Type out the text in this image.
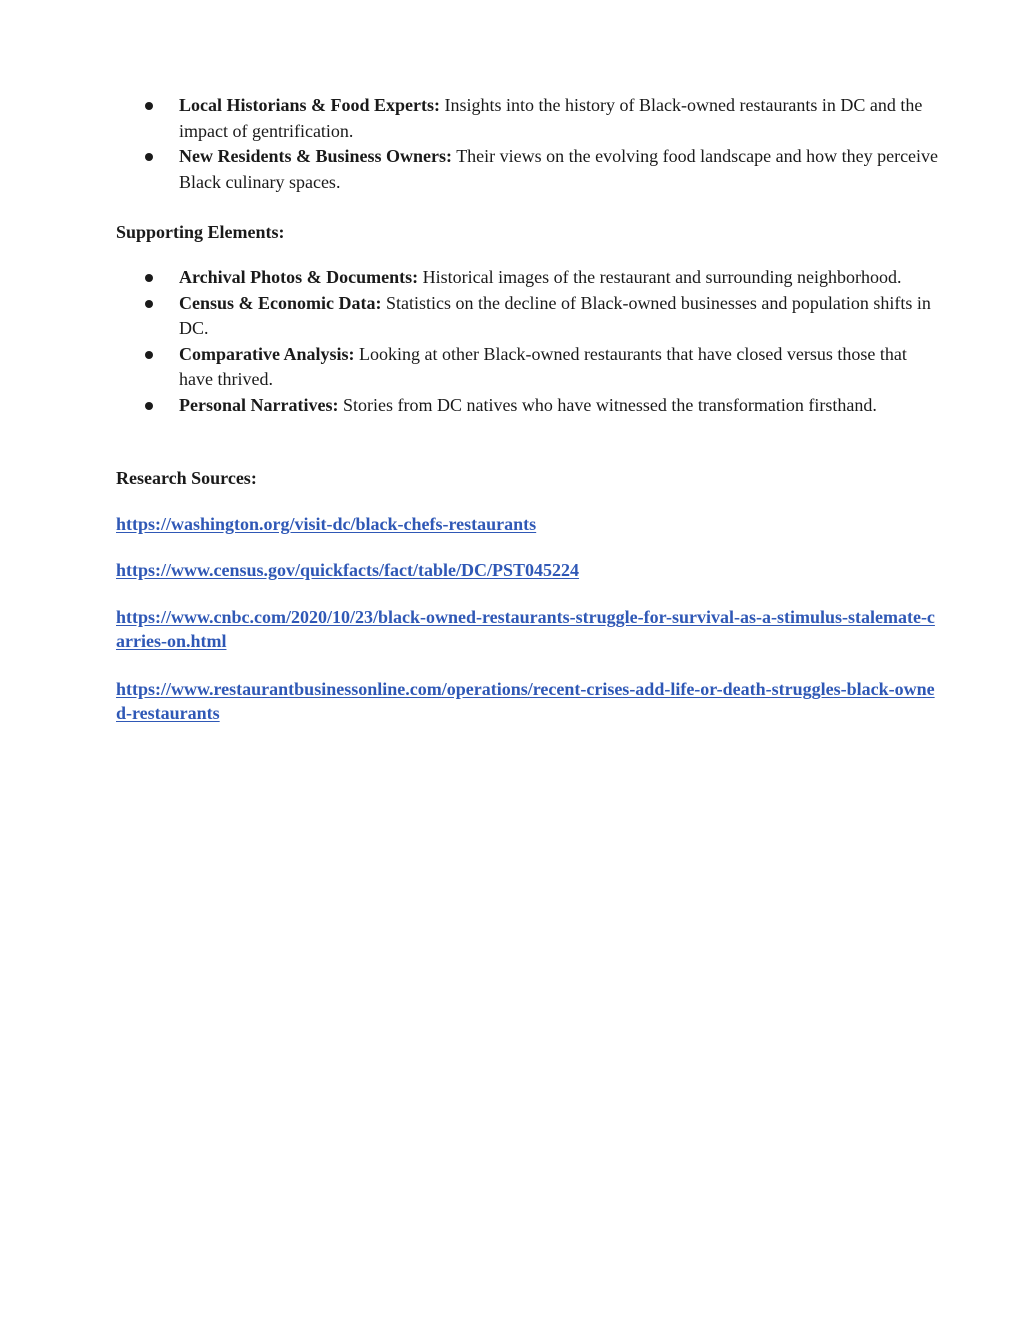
Local Historians & Food Experts: Insights into the history of Black-owned restaurants in DC and the impact of gentrification.
New Residents & Business Owners: Their views on the evolving food landscape and how they perceive Black culinary spaces.

Supporting Elements:

Archival Photos & Documents: Historical images of the restaurant and surrounding neighborhood.
Census & Economic Data: Statistics on the decline of Black-owned businesses and population shifts in DC.
Comparative Analysis: Looking at other Black-owned restaurants that have closed versus those that have thrived.
Personal Narratives: Stories from DC natives who have witnessed the transformation firsthand.

Research Sources:

https://washington.org/visit-dc/black-chefs-restaurants
https://www.census.gov/quickfacts/fact/table/DC/PST045224
https://www.cnbc.com/2020/10/23/black-owned-restaurants-struggle-for-survival-as-a-stimulus-stalemate-carries-on.html
https://www.restaurantbusinessonline.com/operations/recent-crises-add-life-or-death-struggles-black-owned-restaurants
